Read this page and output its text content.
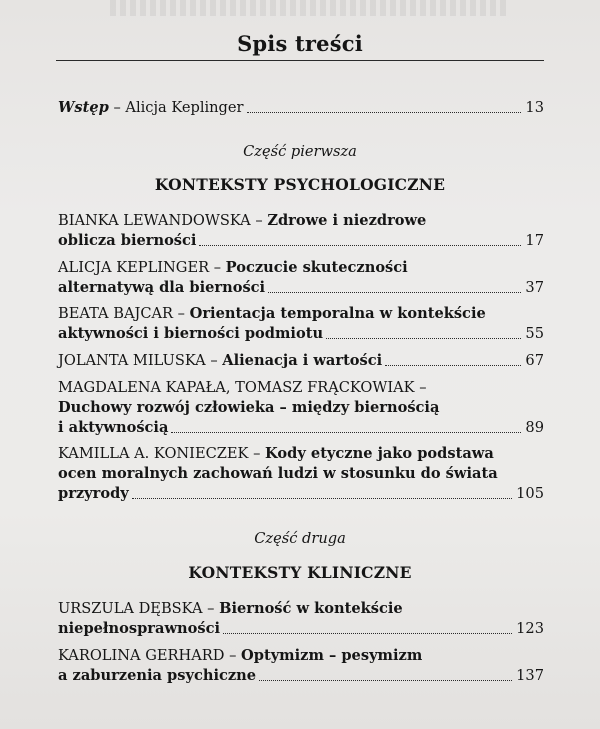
Spis treści
Wstęp – Alicja Keplinger	13
Część pierwsza
KONTEKSTY PSYCHOLOGICZNE
BIANKA LEWANDOWSKA – Zdrowe i niezdrowe
oblicza bierności	17
ALICJA KEPLINGER – Poczucie skuteczności
alternatywą dla bierności	37
BEATA BAJCAR – Orientacja temporalna w kontekście
aktywności i bierności podmiotu	55
JOLANTA MILUSKA – Alienacja i wartości	67
MAGDALENA KAPAŁA, TOMASZ FRĄCKOWIAK –
Duchowy rozwój człowieka – między biernością
i aktywnością	89
KAMILLA A. KONIECZEK – Kody etyczne jako podstawa
ocen moralnych zachowań ludzi w stosunku do świata
przyrody	105
Część druga
KONTEKSTY KLINICZNE
URSZULA DĘBSKA – Bierność w kontekście
niepełnosprawności	123
KAROLINA GERHARD – Optymizm – pesymizm
a zaburzenia psychiczne	137
